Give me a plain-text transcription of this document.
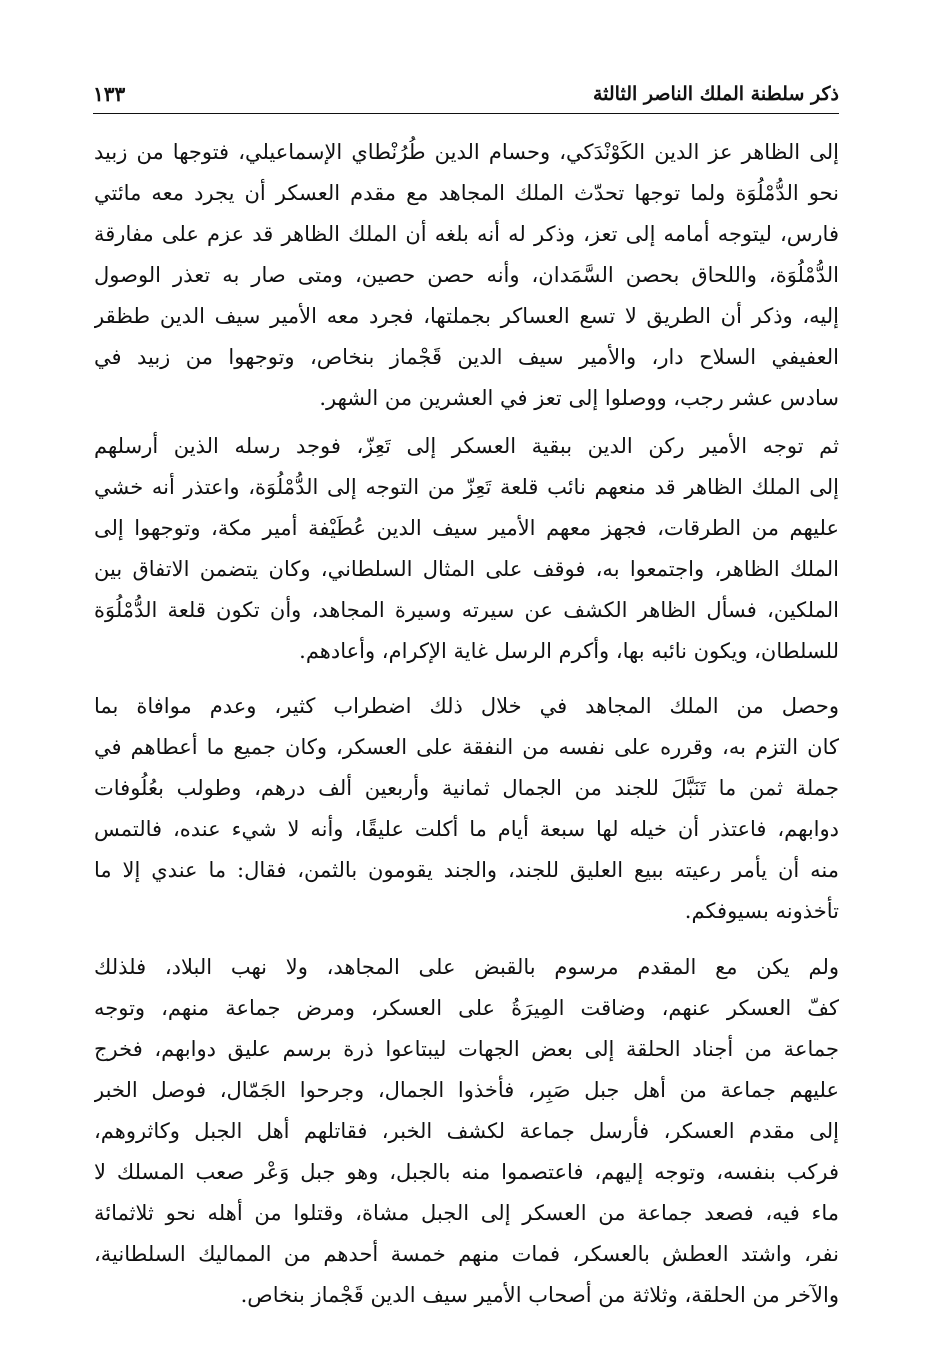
ذكر سلطنة الملك الناصر الثالثة
١٣٣
إلى الظاهر عز الدين الكَوْنْدَكي، وحسام الدين طُرُنْطاي الإسماعيلي، فتوجها من زبيد
نحو الدُّمْلُوَة ولما توجها تحدّث الملك المجاهد مع مقدم العسكر أن يجرد معه مائتي
فارس، ليتوجه أمامه إلى تعز، وذكر له أنه بلغه أن الملك الظاهر قد عزم على مفارقة
الدُّمْلُوَة، واللحاق بحصن السَّمَدان، وأنه حصن حصين، ومتى صار به تعذر الوصول
إليه، وذكر أن الطريق لا تسع العساكر بجملتها، فجرد معه الأمير سيف الدين طظقر
العفيفي السلاح دار، والأمير سيف الدين قَجْماز بنخاص، وتوجهوا من زبيد في
سادس عشر رجب، ووصلوا إلى تعز في العشرين من الشهر.
ثم توجه الأمير ركن الدين ببقية العسكر إلى تَعِزّ، فوجد رسله الذين أرسلهم
إلى الملك الظاهر قد منعهم نائب قلعة تَعِزّ من التوجه إلى الدُّمْلُوَة، واعتذر أنه خشي
عليهم من الطرقات، فجهز معهم الأمير سيف الدين عُطَيْفة أمير مكة، وتوجهوا إلى
الملك الظاهر، واجتمعوا به، فوقف على المثال السلطاني، وكان يتضمن الاتفاق بين
الملكين، فسأل الظاهر الكشف عن سيرته وسيرة المجاهد، وأن تكون قلعة الدُّمْلُوَة
للسلطان، ويكون نائبه بها، وأكرم الرسل غاية الإكرام، وأعادهم.
وحصل من الملك المجاهد في خلال ذلك اضطراب كثير، وعدم موافاة بما
كان التزم به، وقرره على نفسه من النفقة على العسكر، وكان جميع ما أعطاهم في
جملة ثمن ما تَنَبَّلَ للجند من الجمال ثمانية وأربعين ألف درهم، وطولب بعُلُوفات
دوابهم، فاعتذر أن خيله لها سبعة أيام ما أكلت عليقًا، وأنه لا شيء عنده، فالتمس
منه أن يأمر رعيته ببيع العليق للجند، والجند يقومون بالثمن، فقال: ما عندي إلا ما
تأخذونه بسيوفكم.
ولم يكن مع المقدم مرسوم بالقبض على المجاهد، ولا نهب البلاد، فلذلك
كفّ العسكر عنهم، وضاقت المِيرَةُ على العسكر، ومرض جماعة منهم، وتوجه
جماعة من أجناد الحلقة إلى بعض الجهات ليبتاعوا ذرة برسم عليق دوابهم، فخرج
عليهم جماعة من أهل جبل صَبِر، فأخذوا الجمال، وجرحوا الجَمّال، فوصل الخبر
إلى مقدم العسكر، فأرسل جماعة لكشف الخبر، فقاتلهم أهل الجبل وكاثروهم،
فركب بنفسه، وتوجه إليهم، فاعتصموا منه بالجبل، وهو جبل وَعْر صعب المسلك لا
ماء فيه، فصعد جماعة من العسكر إلى الجبل مشاة، وقتلوا من أهله نحو ثلاثمائة
نفر، واشتد العطش بالعسكر، فمات منهم خمسة أحدهم من المماليك السلطانية،
والآخر من الحلقة، وثلاثة من أصحاب الأمير سيف الدين قَجْماز بنخاص.
